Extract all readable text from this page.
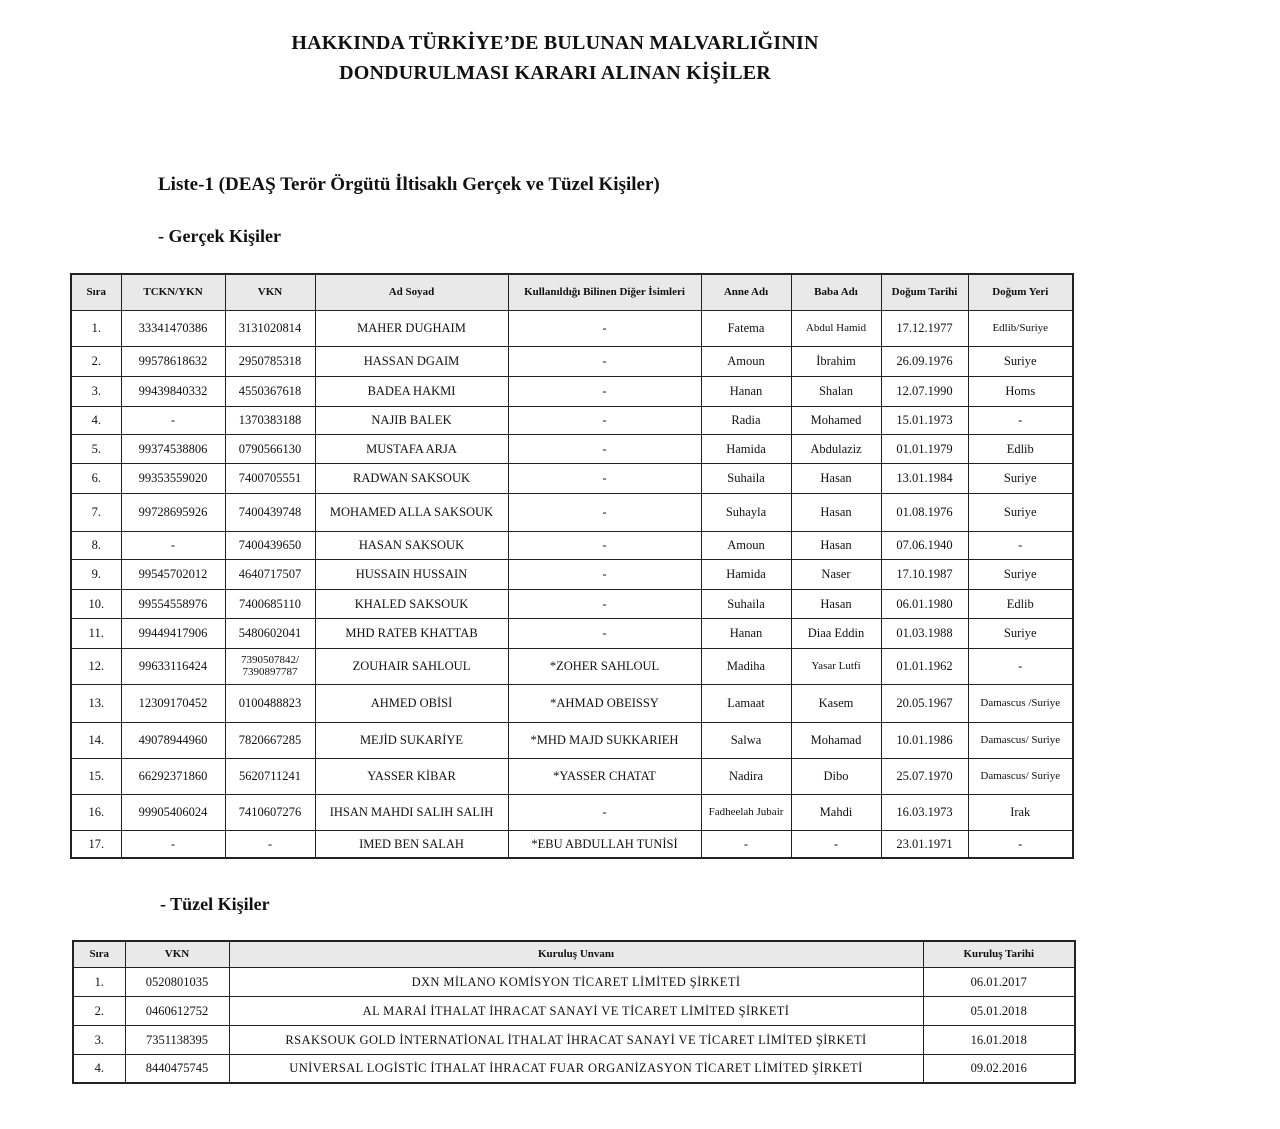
HAKKINDA TÜRKİYE’DE BULUNAN MALVARLIĞININ
DONDURULMASI KARARI ALINAN KİŞİLER
Liste-1 (DEAŞ Terör Örgütü İltisaklı Gerçek ve Tüzel Kişiler)
- Gerçek Kişiler
Sıra	TCKN/YKN	VKN	Ad Soyad	Kullanıldığı Bilinen Diğer İsimleri	Anne Adı	Baba Adı	Doğum Tarihi	Doğum Yeri
1.	33341470386	3131020814	MAHER DUGHAIM	-	Fatema	Abdul Hamid	17.12.1977	Edlib/Suriye
2.	99578618632	2950785318	HASSAN DGAIM	-	Amoun	İbrahim	26.09.1976	Suriye
3.	99439840332	4550367618	BADEA HAKMI	-	Hanan	Shalan	12.07.1990	Homs
4.	-	1370383188	NAJIB BALEK	-	Radia	Mohamed	15.01.1973	-
5.	99374538806	0790566130	MUSTAFA ARJA	-	Hamida	Abdulaziz	01.01.1979	Edlib
6.	99353559020	7400705551	RADWAN SAKSOUK	-	Suhaila	Hasan	13.01.1984	Suriye
7.	99728695926	7400439748	MOHAMED ALLA SAKSOUK	-	Suhayla	Hasan	01.08.1976	Suriye
8.	-	7400439650	HASAN SAKSOUK	-	Amoun	Hasan	07.06.1940	-
9.	99545702012	4640717507	HUSSAIN HUSSAIN	-	Hamida	Naser	17.10.1987	Suriye
10.	99554558976	7400685110	KHALED SAKSOUK	-	Suhaila	Hasan	06.01.1980	Edlib
11.	99449417906	5480602041	MHD RATEB KHATTAB	-	Hanan	Diaa Eddin	01.03.1988	Suriye
12.	99633116424	7390507842/ 7390897787	ZOUHAIR SAHLOUL	*ZOHER SAHLOUL	Madiha	Yasar Lutfi	01.01.1962	-
13.	12309170452	0100488823	AHMED OBİSİ	*AHMAD OBEISSY	Lamaat	Kasem	20.05.1967	Damascus /Suriye
14.	49078944960	7820667285	MEJİD SUKARİYE	*MHD MAJD SUKKARIEH	Salwa	Mohamad	10.01.1986	Damascus/ Suriye
15.	66292371860	5620711241	YASSER KİBAR	*YASSER CHATAT	Nadira	Dibo	25.07.1970	Damascus/ Suriye
16.	99905406024	7410607276	IHSAN MAHDI SALIH SALIH	-	Fadheelah Jubair	Mahdi	16.03.1973	Irak
17.	-	-	IMED BEN SALAH	*EBU ABDULLAH TUNİSİ	-	-	23.01.1971	-
- Tüzel Kişiler
Sıra	VKN	Kuruluş Unvanı	Kuruluş Tarihi
1.	0520801035	DXN MİLANO KOMİSYON TİCARET LİMİTED ŞİRKETİ	06.01.2017
2.	0460612752	AL MARAİ İTHALAT İHRACAT SANAYİ VE TİCARET LİMİTED ŞİRKETİ	05.01.2018
3.	7351138395	RSAKSOUK GOLD İNTERNATİONAL İTHALAT İHRACAT SANAYİ VE TİCARET LİMİTED ŞİRKETİ	16.01.2018
4.	8440475745	UNİVERSAL LOGİSTİC İTHALAT İHRACAT FUAR ORGANİZASYON TİCARET LİMİTED ŞİRKETİ	09.02.2016
